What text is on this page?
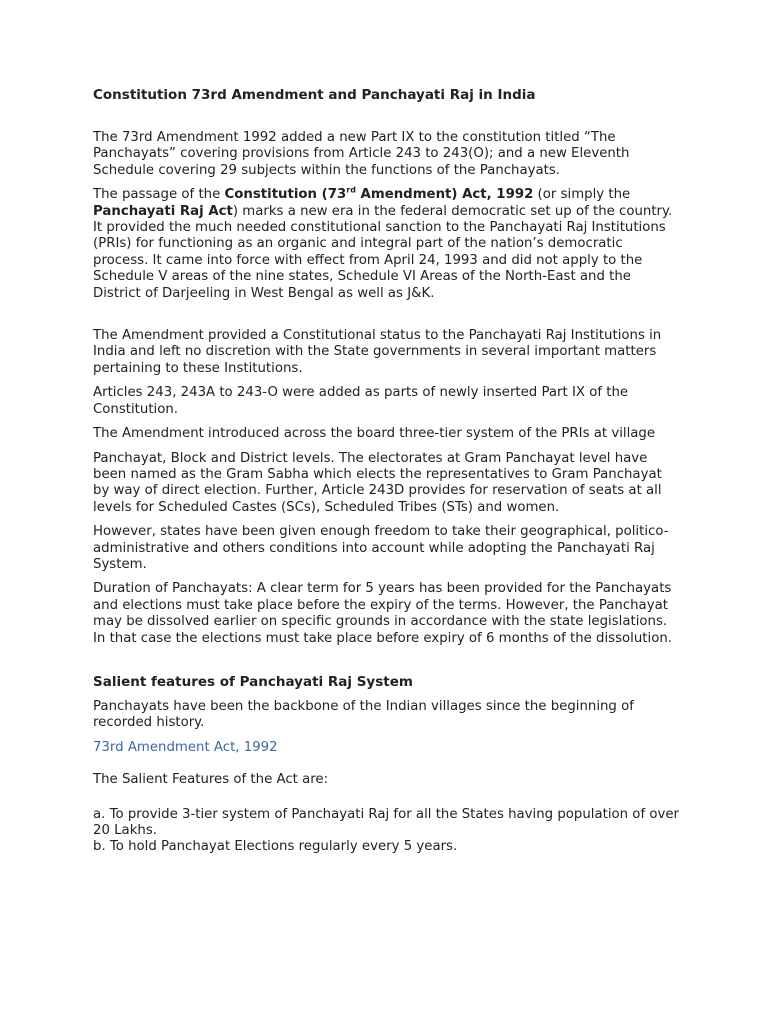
Constitution 73rd Amendment and Panchayati Raj in India

The 73rd Amendment 1992 added a new Part IX to the constitution titled “The Panchayats” covering provisions from Article 243 to 243(O); and a new Eleventh Schedule covering 29 subjects within the functions of the Panchayats.

The passage of the Constitution (73rd Amendment) Act, 1992 (or simply the Panchayati Raj Act) marks a new era in the federal democratic set up of the country. It provided the much needed constitutional sanction to the Panchayati Raj Institutions (PRIs) for functioning as an organic and integral part of the nation’s democratic process. It came into force with effect from April 24, 1993 and did not apply to the Schedule V areas of the nine states, Schedule VI Areas of the North-East and the District of Darjeeling in West Bengal as well as J&K.

The Amendment provided a Constitutional status to the Panchayati Raj Institutions in India and left no discretion with the State governments in several important matters pertaining to these Institutions.

Articles 243, 243A to 243-O were added as parts of newly inserted Part IX of the Constitution.

The Amendment introduced across the board three-tier system of the PRIs at village

Panchayat, Block and District levels. The electorates at Gram Panchayat level have been named as the Gram Sabha which elects the representatives to Gram Panchayat by way of direct election. Further, Article 243D provides for reservation of seats at all levels for Scheduled Castes (SCs), Scheduled Tribes (STs) and women.

However, states have been given enough freedom to take their geographical, politico-administrative and others conditions into account while adopting the Panchayati Raj System.

Duration of Panchayats: A clear term for 5 years has been provided for the Panchayats and elections must take place before the expiry of the terms. However, the Panchayat may be dissolved earlier on specific grounds in accordance with the state legislations. In that case the elections must take place before expiry of 6 months of the dissolution.

Salient features of Panchayati Raj System

Panchayats have been the backbone of the Indian villages since the beginning of recorded history.

73rd Amendment Act, 1992

The Salient Features of the Act are:

a. To provide 3-tier system of Panchayati Raj for all the States having population of over 20 Lakhs.

b. To hold Panchayat Elections regularly every 5 years.
